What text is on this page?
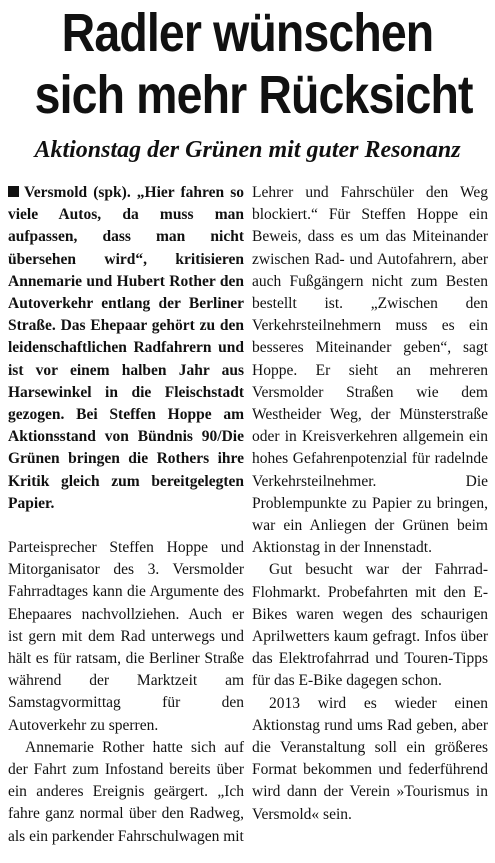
Radler wünschen
sich mehr Rücksicht
Aktionstag der Grünen mit guter Resonanz

Versmold (spk). „Hier fahren so viele Autos, da muss man aufpassen, dass man nicht übersehen wird“, kritisieren Annemarie und Hubert Rother den Autoverkehr entlang der Berliner Straße. Das Ehepaar gehört zu den leidenschaftlichen Radfahrern und ist vor einem halben Jahr aus Harsewinkel in die Fleischstadt gezogen. Bei Steffen Hoppe am Aktionsstand von Bündnis 90/Die Grünen bringen die Rothers ihre Kritik gleich zum bereitgelegten Papier.

Parteisprecher Steffen Hoppe und Mitorganisator des 3. Versmolder Fahrradtages kann die Argumente des Ehepaares nachvollziehen. Auch er ist gern mit dem Rad unterwegs und hält es für ratsam, die Berliner Straße während der Marktzeit am Samstagvormittag für den Autoverkehr zu sperren.

Annemarie Rother hatte sich auf der Fahrt zum Infostand bereits über ein anderes Ereignis geärgert. „Ich fahre ganz normal über den Radweg, als ein parkender Fahrschulwagen mit

Lehrer und Fahrschüler den Weg blockiert.“ Für Steffen Hoppe ein Beweis, dass es um das Miteinander zwischen Rad- und Autofahrern, aber auch Fußgängern nicht zum Besten bestellt ist. „Zwischen den Verkehrsteilnehmern muss es ein besseres Miteinander geben“, sagt Hoppe. Er sieht an mehreren Versmolder Straßen wie dem Westheider Weg, der Münsterstraße oder in Kreisverkehren allgemein ein hohes Gefahrenpotenzial für radelnde Verkehrsteilnehmer. Die Problempunkte zu Papier zu bringen, war ein Anliegen der Grünen beim Aktionstag in der Innenstadt.

Gut besucht war der Fahrrad-Flohmarkt. Probefahrten mit den E-Bikes waren wegen des schaurigen Aprilwetters kaum gefragt. Infos über das Elektrofahrrad und Touren-Tipps für das E-Bike dagegen schon.

2013 wird es wieder einen Aktionstag rund ums Rad geben, aber die Veranstaltung soll ein größeres Format bekommen und federführend wird dann der Verein »Tourismus in Versmold« sein.
